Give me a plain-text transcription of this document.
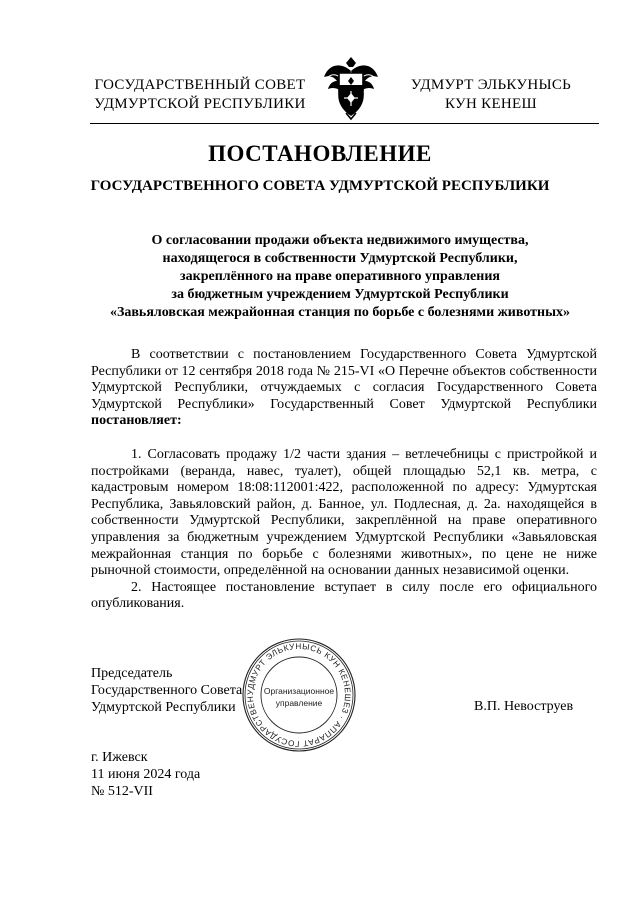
ГОСУДАРСТВЕННЫЙ СОВЕТ
УДМУРТСКОЙ РЕСПУБЛИКИ
УДМУРТ ЭЛЬКУНЫСЬ
КУН КЕНЕШ
ПОСТАНОВЛЕНИЕ
ГОСУДАРСТВЕННОГО СОВЕТА УДМУРТСКОЙ РЕСПУБЛИКИ
О согласовании продажи объекта недвижимого имущества,
находящегося в собственности Удмуртской Республики,
закреплённого на праве оперативного управления
за бюджетным учреждением Удмуртской Республики
«Завьяловская межрайонная станция по борьбе с болезнями животных»

В соответствии с постановлением Государственного Совета Удмуртской Республики от 12 сентября 2018 года № 215-VI «О Перечне объектов собственности Удмуртской Республики, отчуждаемых с согласия Государственного Совета Удмуртской Республики» Государственный Совет Удмуртской Республики постановляет:

1. Согласовать продажу 1/2 части здания – ветлечебницы с пристройкой и постройками (веранда, навес, туалет), общей площадью 52,1 кв. метра, с кадастровым номером 18:08:112001:422, расположенной по адресу: Удмуртская Республика, Завьяловский район, д. Банное, ул. Подлесная, д. 2а. находящейся в собственности Удмуртской Республики, закреплённой на праве оперативного управления за бюджетным учреждением Удмуртской Республики «Завьяловская межрайонная станция по борьбе с болезнями животных», по цене не ниже рыночной стоимости, определённой на основании данных независимой оценки.

2. Настоящее постановление вступает в силу после его официального опубликования.

Председатель
Государственного Совета
Удмуртской Республики
УДМУРТ ЭЛЬКУНЫСЬ КУН КЕНЕШЕЗ · АППАРАТ ГОСУДАРСТВЕН
Организационное
управление	В.П. Невоструев
г. Ижевск
11 июня 2024 года
№ 512-VII
